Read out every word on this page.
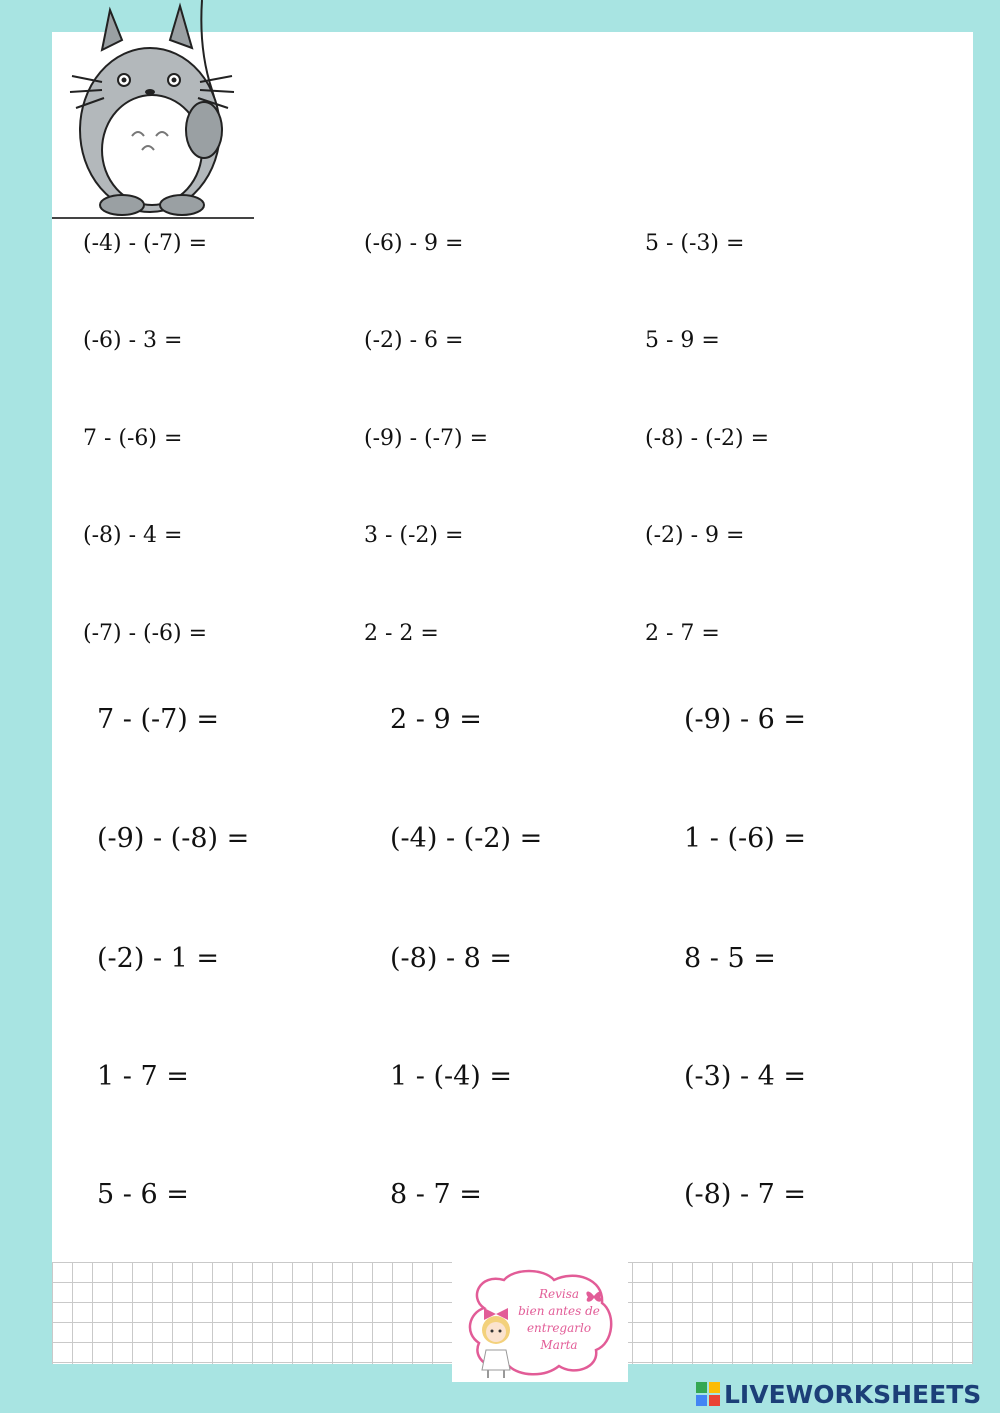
(-4) - (-7) =	(-6) - 9 =	5 - (-3) =

(-6) - 3 =	(-2) - 6 =	5 - 9 =

7 - (-6) =	(-9) - (-7) =	(-8) - (-2) =

(-8) - 4 =	3 - (-2) =	(-2) - 9 =

(-7) - (-6) =	2 - 2 =	2 - 7 =

7 - (-7) =	2 - 9 =	(-9) - 6 =

(-9) - (-8) =	(-4) - (-2) =	1 - (-6) =

(-2) - 1 =	(-8) - 8 =	8 - 5 =

1 - 7 =	1 - (-4) =	(-3) - 4 =

5 - 6 =	8 - 7 =	(-8) - 7 =

Revisa
bien antes de
entregarlo
Marta
LIVEWORKSHEETS
